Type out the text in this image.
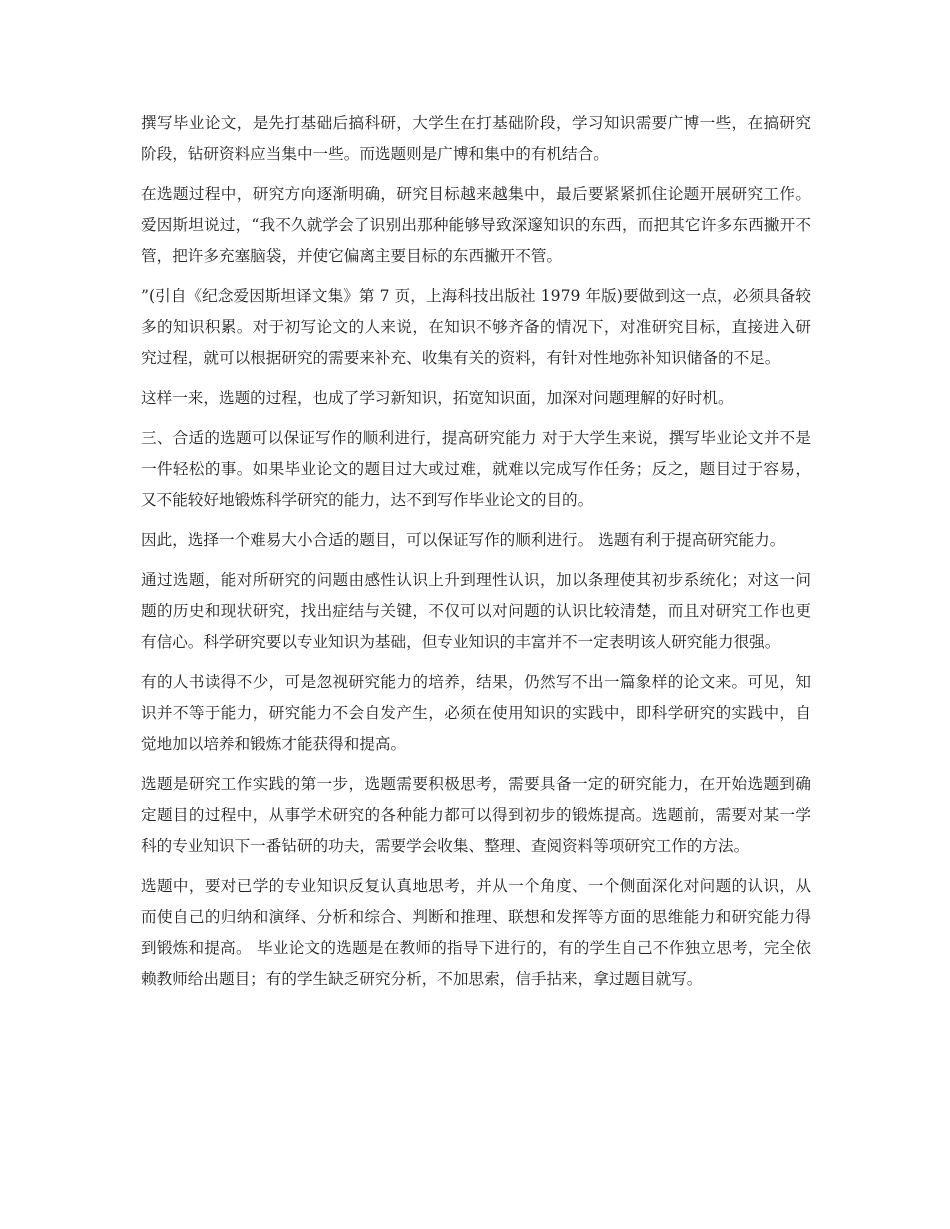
撰写毕业论文，是先打基础后搞科研，大学生在打基础阶段，学习知识需要广博一些，在搞研究阶段，钻研资料应当集中一些。而选题则是广博和集中的有机结合。

在选题过程中，研究方向逐渐明确，研究目标越来越集中，最后要紧紧抓住论题开展研究工作。爱因斯坦说过，“我不久就学会了识别出那种能够导致深邃知识的东西，而把其它许多东西撇开不管，把许多充塞脑袋，并使它偏离主要目标的东西撇开不管。

”(引自《纪念爱因斯坦译文集》第 7 页，上海科技出版社 1979 年版)要做到这一点，必须具备较多的知识积累。对于初写论文的人来说，在知识不够齐备的情况下，对准研究目标，直接进入研究过程，就可以根据研究的需要来补充、收集有关的资料，有针对性地弥补知识储备的不足。

这样一来，选题的过程，也成了学习新知识，拓宽知识面，加深对问题理解的好时机。

三、合适的选题可以保证写作的顺利进行，提高研究能力 对于大学生来说，撰写毕业论文并不是一件轻松的事。如果毕业论文的题目过大或过难，就难以完成写作任务；反之，题目过于容易，又不能较好地锻炼科学研究的能力，达不到写作毕业论文的目的。

因此，选择一个难易大小合适的题目，可以保证写作的顺利进行。 选题有利于提高研究能力。

通过选题，能对所研究的问题由感性认识上升到理性认识，加以条理使其初步系统化；对这一问题的历史和现状研究，找出症结与关键，不仅可以对问题的认识比较清楚，而且对研究工作也更有信心。科学研究要以专业知识为基础，但专业知识的丰富并不一定表明该人研究能力很强。

有的人书读得不少，可是忽视研究能力的培养，结果，仍然写不出一篇象样的论文来。可见，知识并不等于能力，研究能力不会自发产生，必须在使用知识的实践中，即科学研究的实践中，自觉地加以培养和锻炼才能获得和提高。

选题是研究工作实践的第一步，选题需要积极思考，需要具备一定的研究能力，在开始选题到确定题目的过程中，从事学术研究的各种能力都可以得到初步的锻炼提高。选题前，需要对某一学科的专业知识下一番钻研的功夫，需要学会收集、整理、查阅资料等项研究工作的方法。

选题中，要对已学的专业知识反复认真地思考，并从一个角度、一个侧面深化对问题的认识，从而使自己的归纳和演绎、分析和综合、判断和推理、联想和发挥等方面的思维能力和研究能力得到锻炼和提高。 毕业论文的选题是在教师的指导下进行的，有的学生自己不作独立思考，完全依赖教师给出题目；有的学生缺乏研究分析，不加思索，信手拈来，拿过题目就写。
